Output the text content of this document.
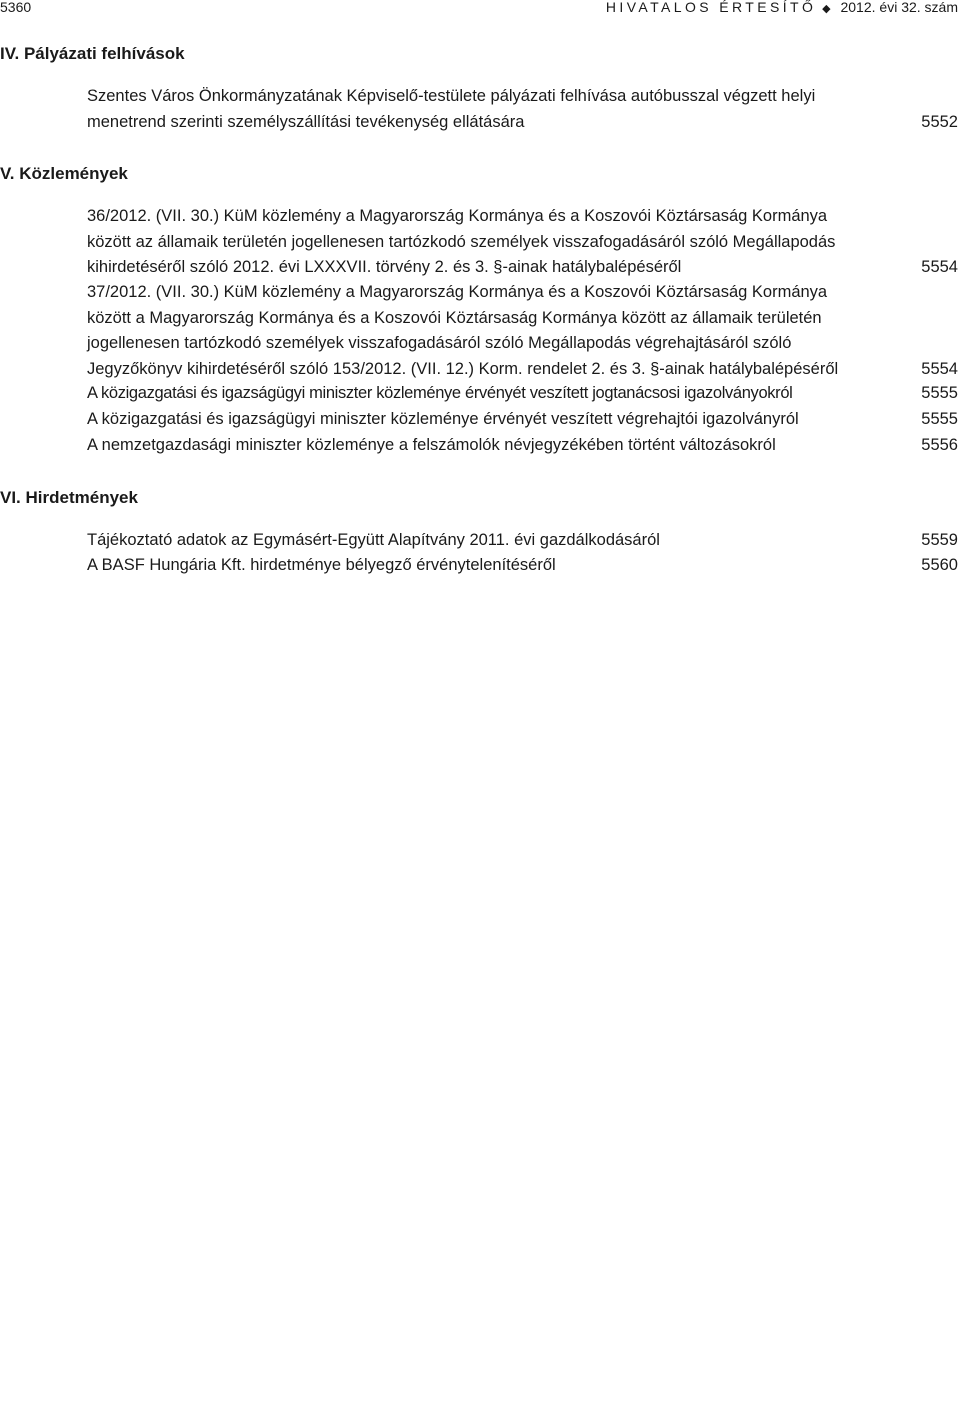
5360	HIVATALOS ÉRTESÍTŐ ◆ 2012. évi 32. szám
IV. Pályázati felhívások
Szentes Város Önkormányzatának Képviselő-testülete pályázati felhívása autóbusszal végzett helyi
menetrend szerinti személyszállítási tevékenység ellátására	5552
V. Közlemények
36/2012. (VII. 30.) KüM közlemény a Magyarország Kormánya és a Koszovói Köztársaság Kormánya
között az államaik területén jogellenesen tartózkodó személyek visszafogadásáról szóló Megállapodás
kihirdetéséről szóló 2012. évi LXXXVII. törvény 2. és 3. §-ainak hatálybalépéséről	5554
37/2012. (VII. 30.) KüM közlemény a Magyarország Kormánya és a Koszovói Köztársaság Kormánya
között a Magyarország Kormánya és a Koszovói Köztársaság Kormánya között az államaik területén
jogellenesen tartózkodó személyek visszafogadásáról szóló Megállapodás végrehajtásáról szóló
Jegyzőkönyv kihirdetéséről szóló 153/2012. (VII. 12.) Korm. rendelet 2. és 3. §-ainak hatálybalépéséről	5554
A közigazgatási és igazságügyi miniszter közleménye érvényét veszített jogtanácsosi igazolványokról	5555
A közigazgatási és igazságügyi miniszter közleménye érvényét veszített végrehajtói igazolványról	5555
A nemzetgazdasági miniszter közleménye a felszámolók névjegyzékében történt változásokról	5556
VI. Hirdetmények
Tájékoztató adatok az Egymásért-Együtt Alapítvány 2011. évi gazdálkodásáról	5559
A BASF Hungária Kft. hirdetménye bélyegző érvénytelenítéséről	5560
